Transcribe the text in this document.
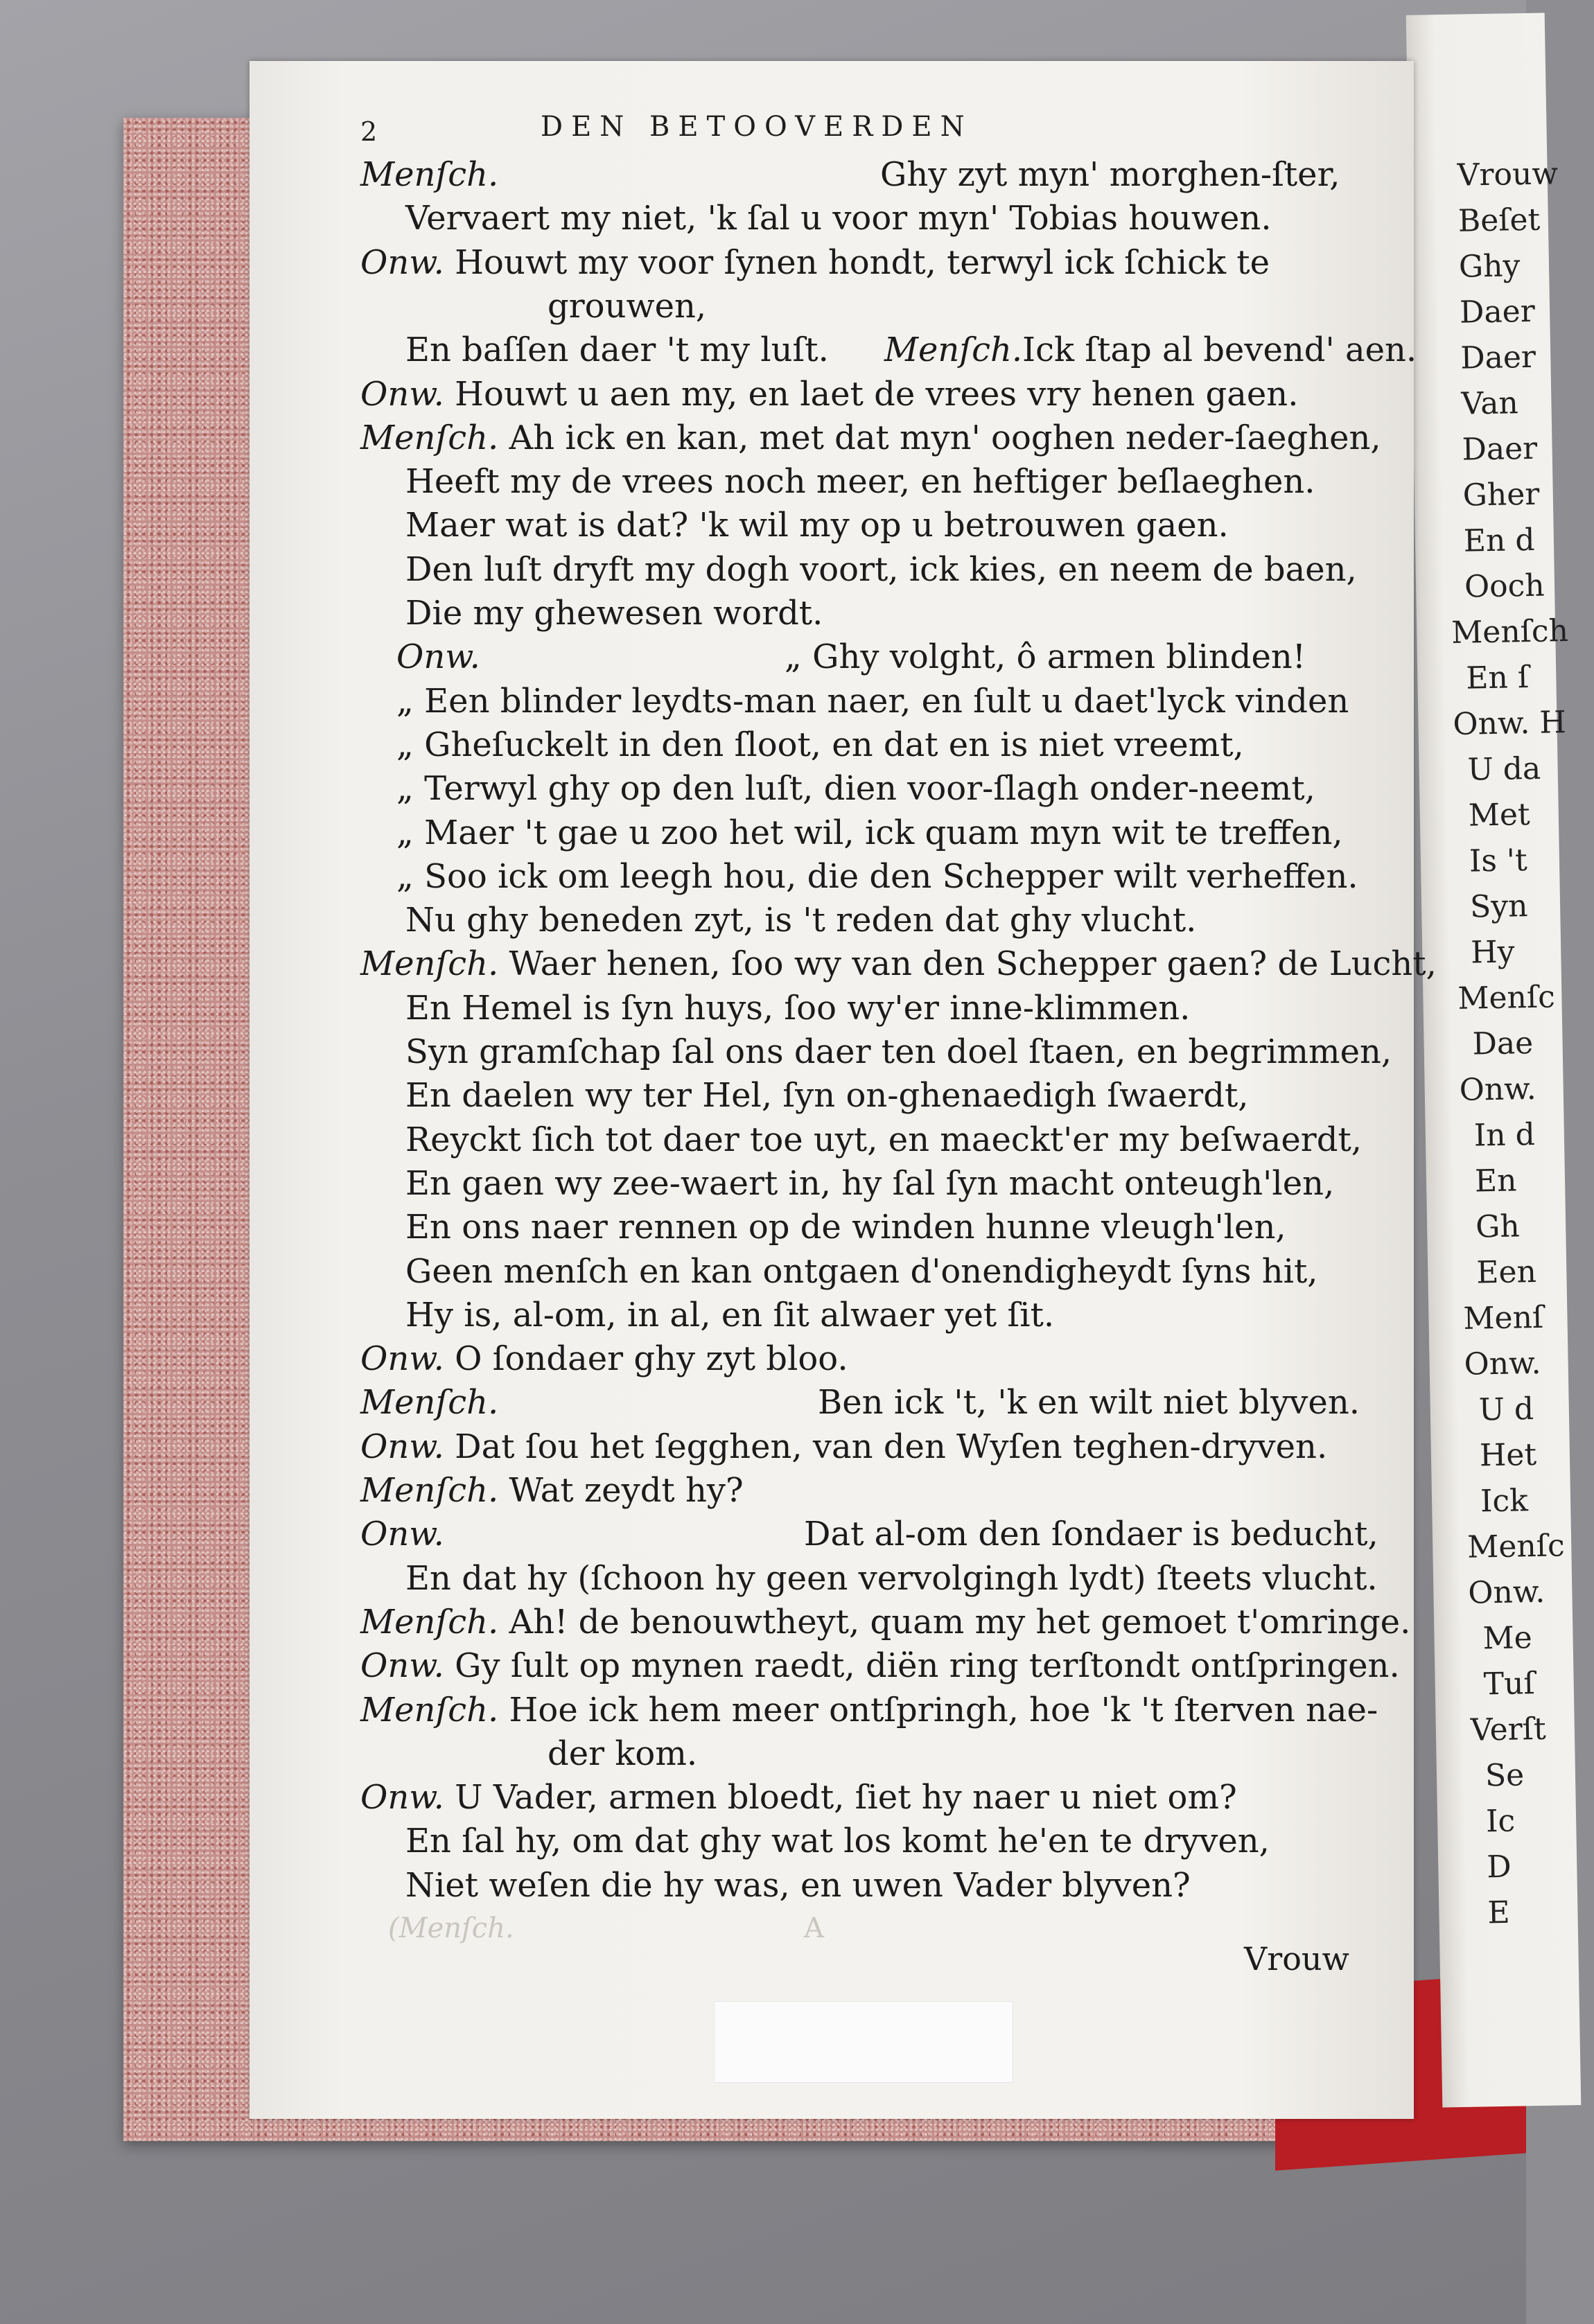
Vrouw
Beſet
Ghy
Daer
Daer
Van
Daer
Gher
En d
Ooch
Menſch
En ſ
Onw. H
U da
Met
Is 't
Syn
Hy
Menſc
Dae
Onw.
In d
En
Gh
Een
Menſ
Onw.
U d
Het
Ick
Menſc
Onw.
Me
Tuſ
Verſt
Se
Ic
D
E
2	DEN BETOOVERDEN
Menſch.	Ghy zyt myn' morghen-ſter,
Vervaert my niet, 'k ſal u voor myn' Tobias houwen.
Onw. Houwt my voor ſynen hondt, terwyl ick ſchick te
grouwen,
En baſſen daer 't my luſt. Menſch.Ick ſtap al bevend' aen.
Onw. Houwt u aen my, en laet de vrees vry henen gaen.
Menſch. Ah ick en kan, met dat myn' ooghen neder-ſaeghen,
Heeft my de vrees noch meer, en heftiger beſlaeghen.
Maer wat is dat? 'k wil my op u betrouwen gaen.
Den luſt dryft my dogh voort, ick kies, en neem de baen,
Die my ghewesen wordt.
Onw.	„ Ghy volght, ô armen blinden!
„ Een blinder leydts-man naer, en ſult u daet'lyck vinden
„ Gheſuckelt in den ſloot, en dat en is niet vreemt,
„ Terwyl ghy op den luſt, dien voor-ſlagh onder-neemt,
„ Maer 't gae u zoo het wil, ick quam myn wit te treffen,
„ Soo ick om leegh hou, die den Schepper wilt verheffen.
Nu ghy beneden zyt, is 't reden dat ghy vlucht.
Menſch. Waer henen, ſoo wy van den Schepper gaen? de Lucht,
En Hemel is ſyn huys, ſoo wy'er inne-klimmen.
Syn gramſchap ſal ons daer ten doel ſtaen, en begrimmen,
En daelen wy ter Hel, ſyn on-ghenaedigh ſwaerdt,
Reyckt ſich tot daer toe uyt, en maeckt'er my beſwaerdt,
En gaen wy zee-waert in, hy ſal ſyn macht onteugh'len,
En ons naer rennen op de winden hunne vleugh'len,
Geen menſch en kan ontgaen d'onendigheydt ſyns hit,
Hy is, al-om, in al, en ſit alwaer yet ſit.
Onw. O ſondaer ghy zyt bloo.
Menſch.	Ben ick 't, 'k en wilt niet blyven.
Onw. Dat ſou het ſegghen, van den Wyſen teghen-dryven.
Menſch. Wat zeydt hy?
Onw.	Dat al-om den ſondaer is beducht,
En dat hy (ſchoon hy geen vervolgingh lydt) ſteets vlucht.
Menſch. Ah! de benouwtheyt, quam my het gemoet t'omringe.
Onw. Gy ſult op mynen raedt, diën ring terſtondt ontſpringen.
Menſch. Hoe ick hem meer ontſpringh, hoe 'k 't ſterven nae-
der kom.
Onw. U Vader, armen bloedt, ſiet hy naer u niet om?
En ſal hy, om dat ghy wat los komt he'en te dryven,
Niet weſen die hy was, en uwen Vader blyven?
(Menſch.	A
Vrouw
